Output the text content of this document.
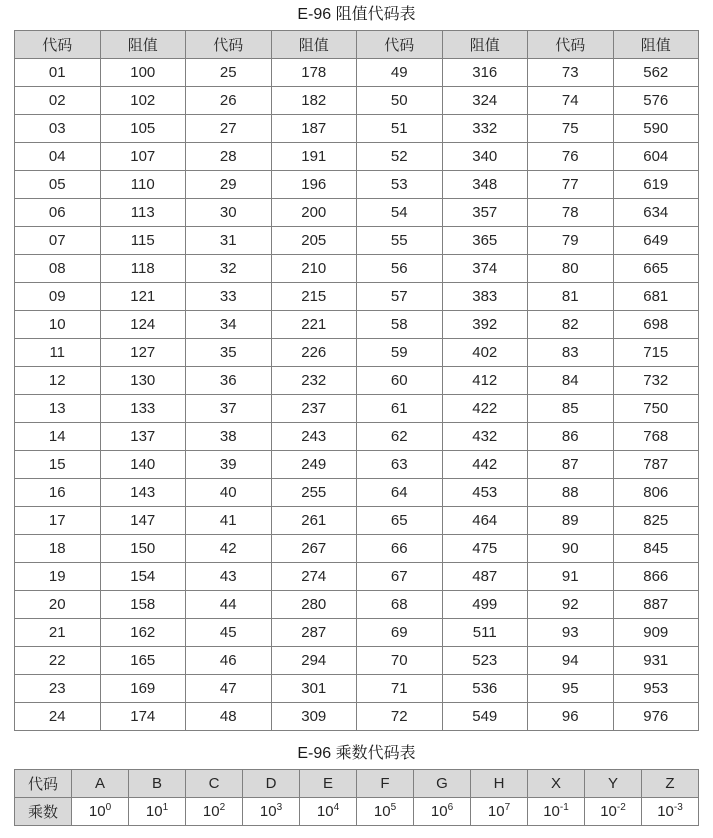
E-96 阻值代码表
代码	阻值	代码	阻值	代码	阻值	代码	阻值
01	100	25	178	49	316	73	562
02	102	26	182	50	324	74	576
03	105	27	187	51	332	75	590
04	107	28	191	52	340	76	604
05	110	29	196	53	348	77	619
06	113	30	200	54	357	78	634
07	115	31	205	55	365	79	649
08	118	32	210	56	374	80	665
09	121	33	215	57	383	81	681
10	124	34	221	58	392	82	698
11	127	35	226	59	402	83	715
12	130	36	232	60	412	84	732
13	133	37	237	61	422	85	750
14	137	38	243	62	432	86	768
15	140	39	249	63	442	87	787
16	143	40	255	64	453	88	806
17	147	41	261	65	464	89	825
18	150	42	267	66	475	90	845
19	154	43	274	67	487	91	866
20	158	44	280	68	499	92	887
21	162	45	287	69	511	93	909
22	165	46	294	70	523	94	931
23	169	47	301	71	536	95	953
24	174	48	309	72	549	96	976
E-96 乘数代码表
代码	A	B	C	D	E	F	G	H	X	Y	Z
乘数	$10^0$	$10^1$	$10^2$	$10^3$	$10^4$	$10^5$	$10^6$	$10^7$	$10^{-1}$	$10^{-2}$	$10^{-3}$
